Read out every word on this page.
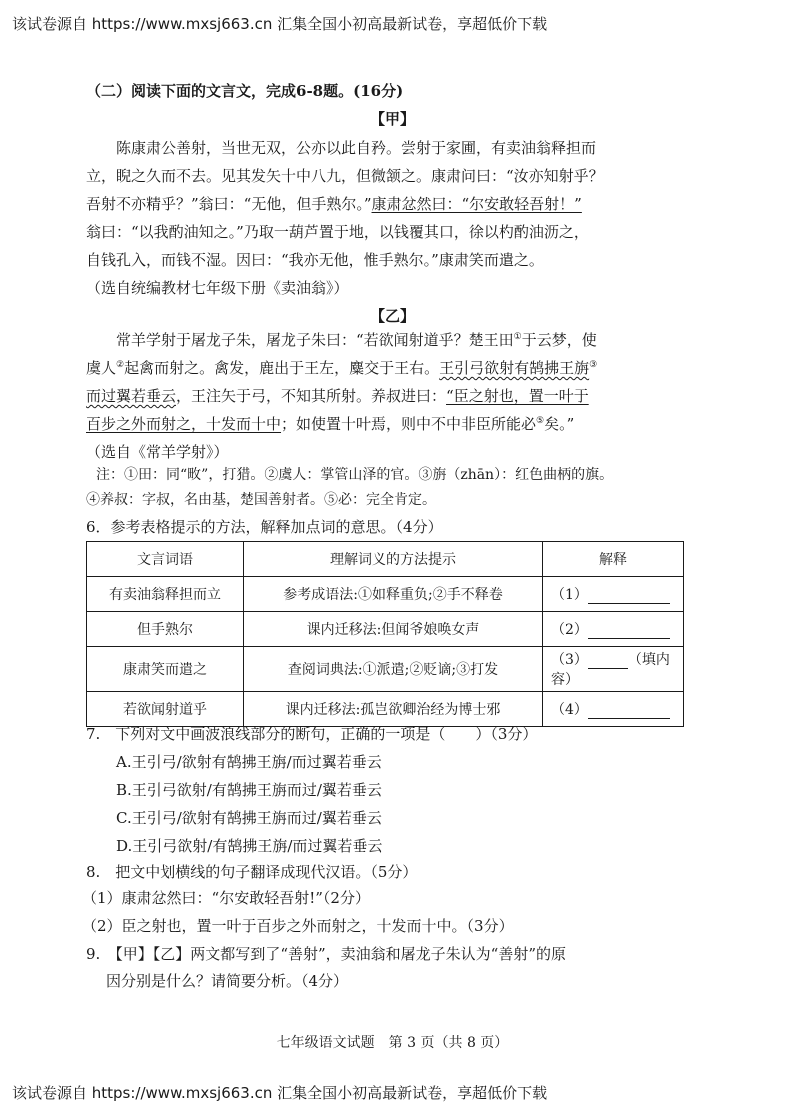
该试卷源自 https://www.mxsj663.cn 汇集全国小初高最新试卷，享超低价下载
（二）阅读下面的文言文，完成6-8题。(16分)
【甲】
陈康肃公善射，当世无双，公亦以此自矜。尝射于家圃，有卖油翁释担而
立，睨之久而不去。见其发矢十中八九，但微颔之。康肃问曰：“汝亦知射乎？
吾射不亦精乎？”翁曰：“无他，但手熟尔。”康肃忿然曰：“尔安敢轻吾射！”
翁曰：“以我酌油知之。”乃取一葫芦置于地，以钱覆其口，徐以杓酌油沥之，
自钱孔入，而钱不湿。因曰：“我亦无他，惟手熟尔。”康肃笑而遣之。
（选自统编教材七年级下册《卖油翁》）
【乙】
常羊学射于屠龙子朱，屠龙子朱曰：“若欲闻射道乎？楚王田①于云梦，使
虞人②起禽而射之。禽发，鹿出于王左，麋交于王右。王引弓欲射有鹄拂王旃③
而过翼若垂云，王注矢于弓，不知其所射。养叔进曰：“臣之射也，置一叶于
百步之外而射之，十发而十中；如使置十叶焉，则中不中非臣所能必⑤矣。”
（选自《常羊学射》）
注：①田：同“畋”，打猎。②虞人：掌管山泽的官。③旃（zhān）：红色曲柄的旗。
④养叔：字叔，名由基，楚国善射者。⑤必：完全肯定。
6．参考表格提示的方法，解释加点词的意思。（4分）
文言词语	理解词义的方法提示	解释
有卖油翁释担而立	参考成语法:①如释重负;②手不释卷	（1）
但手熟尔	课内迁移法:但闻爷娘唤女声	（2）
康肃笑而遣之	查阅词典法:①派遣;②贬谪;③打发	（3） （填内容）
若欲闻射道乎	课内迁移法:孤岂欲卿治经为博士邪	（4）
7.　下列对文中画波浪线部分的断句，正确的一项是（　　）（3分）
A.王引弓/欲射有鹄拂王旃/而过翼若垂云
B.王引弓欲射/有鹄拂王旃而过/翼若垂云
C.王引弓/欲射有鹄拂王旃而过/翼若垂云
D.王引弓欲射/有鹄拂王旃/而过翼若垂云
8.　把文中划横线的句子翻译成现代汉语。（5分）
（1）康肃忿然曰：“尔安敢轻吾射!”（2分）
（2）臣之射也，置一叶于百步之外而射之，十发而十中。（3分）
9.　【甲】【乙】两文都写到了“善射”，卖油翁和屠龙子朱认为“善射”的原
因分别是什么？请简要分析。（4分）
七年级语文试题　第 3 页（共 8 页）
该试卷源自 https://www.mxsj663.cn 汇集全国小初高最新试卷，享超低价下载
